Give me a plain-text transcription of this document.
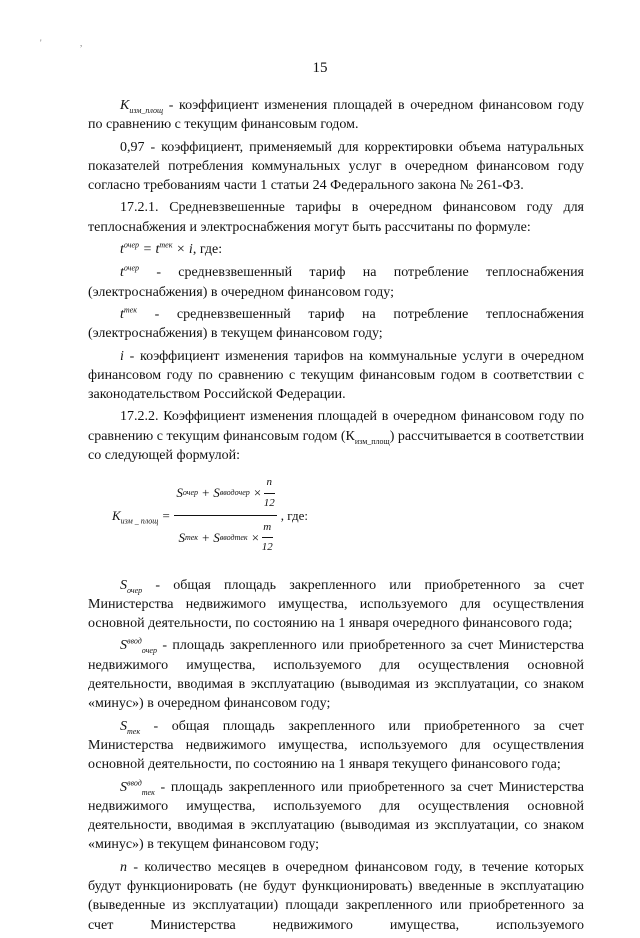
'	,
15

$K_{изм\_площ}$ - коэффициент изменения площадей в очередном финансовом году по сравнению с текущим финансовым годом.

0,97 - коэффициент, применяемый для корректировки объема натуральных показателей потребления коммунальных услуг в очередном финансовом году согласно требованиям части 1 статьи 24 Федерального закона № 261-ФЗ.

17.2.1. Средневзвешенные тарифы в очередном финансовом году для теплоснабжения и электроснабжения могут быть рассчитаны по формуле:

$t^{очер} = t^{тек} \times i$, где:

$t^{очер}$ - средневзвешенный тариф на потребление теплоснабжения (электроснабжения) в очередном финансовом году;

$t^{тек}$ - средневзвешенный тариф на потребление теплоснабжения (электроснабжения) в текущем финансовом году;

i - коэффициент изменения тарифов на коммунальные услуги в очередном финансовом году по сравнению с текущим финансовым годом в соответствии с законодательством Российской Федерации.

17.2.2. Коэффициент изменения площадей в очередном финансовом году по сравнению с текущим финансовым годом $(К_{изм\_площ})$ рассчитывается в соответствии со следующей формулой:

$K_{изм \_ площ} = S$ очер + S ввод очер ×
n
12
S тек + S ввод тек ×
m
12 , где:

$S_{очер}$ - общая площадь закрепленного или приобретенного за счет Министерства недвижимого имущества, используемого для осуществления основной деятельности, по состоянию на 1 января очередного финансового года;

$S^{ввод}_{очер}$ - площадь закрепленного или приобретенного за счет Министерства недвижимого имущества, используемого для осуществления основной деятельности, вводимая в эксплуатацию (выводимая из эксплуатации, со знаком «минус») в очередном финансовом году;

$S_{тек}$ - общая площадь закрепленного или приобретенного за счет Министерства недвижимого имущества, используемого для осуществления основной деятельности, по состоянию на 1 января текущего финансового года;

$S^{ввод}_{тек}$ - площадь закрепленного или приобретенного за счет Министерства недвижимого имущества, используемого для осуществления основной деятельности, вводимая в эксплуатацию (выводимая из эксплуатации, со знаком «минус») в текущем финансовом году;

n - количество месяцев в очередном финансовом году, в течение которых будут функционировать (не будут функционировать) введенные в эксплуатацию (выведенные из эксплуатации) площади закрепленного или приобретенного за счет Министерства недвижимого имущества, используемого
